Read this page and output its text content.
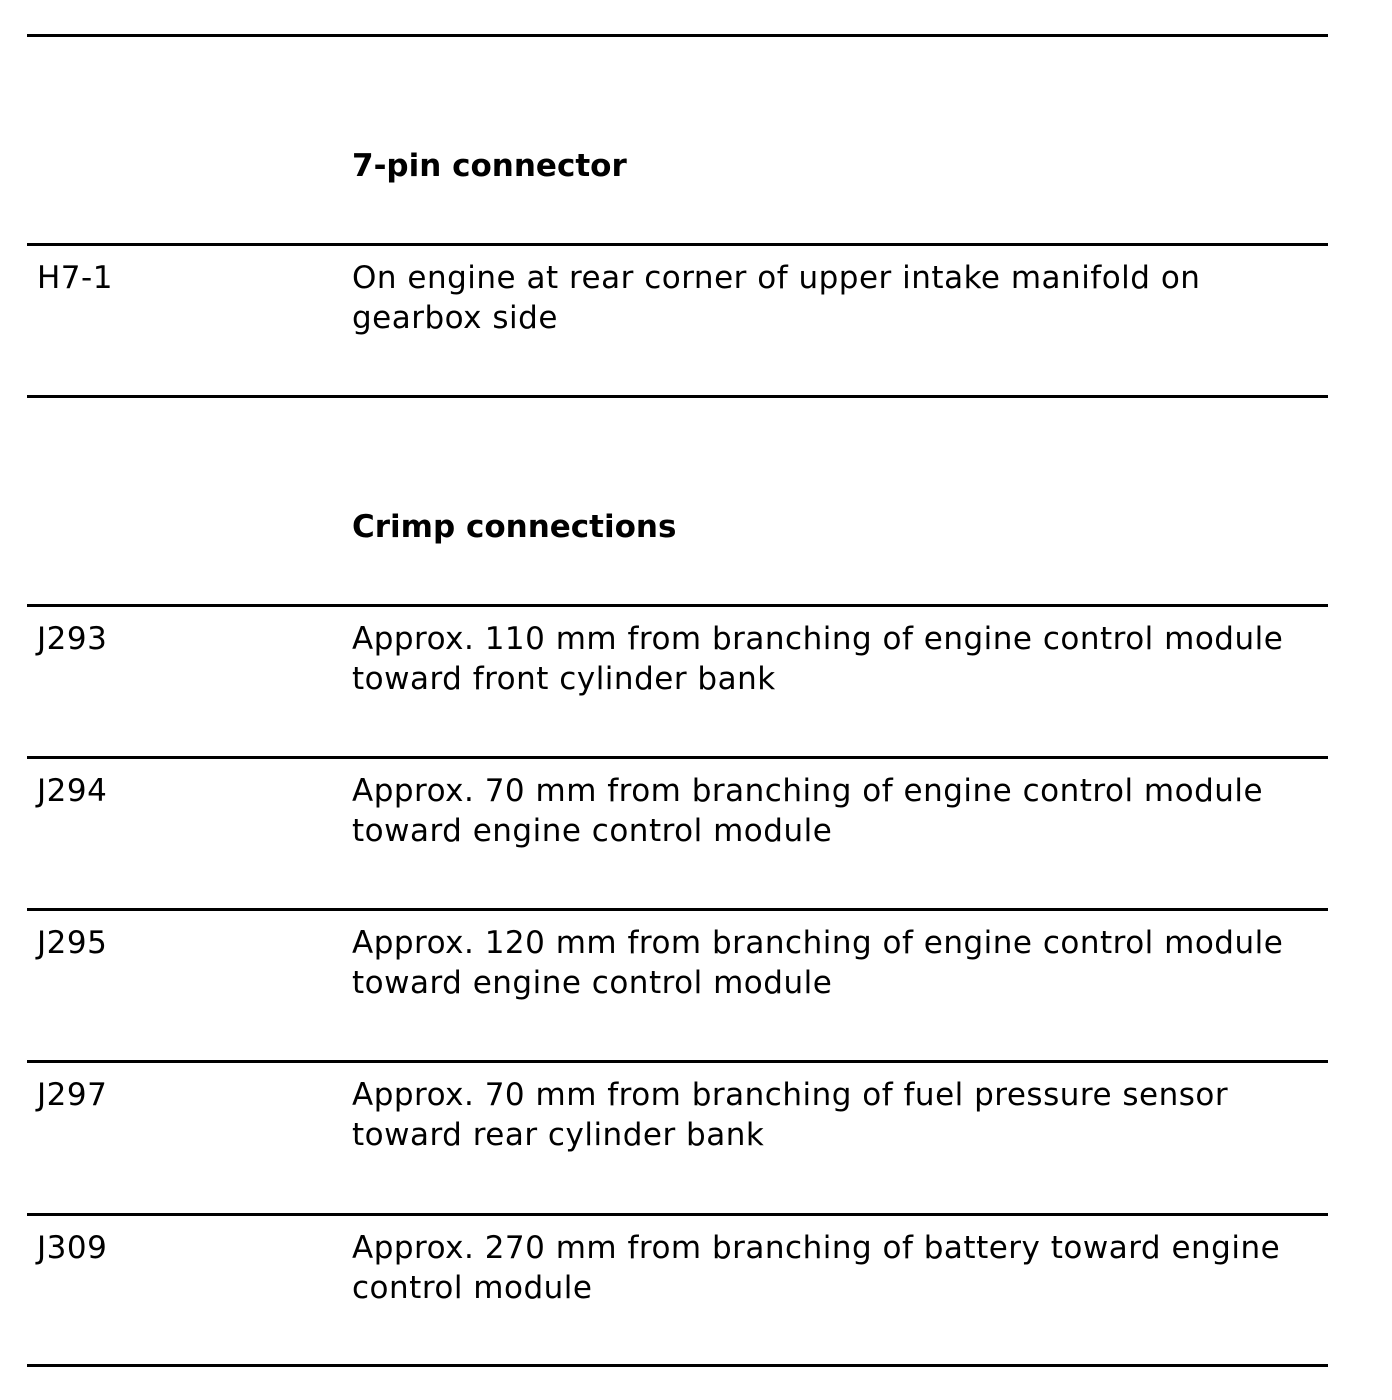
7-pin connector
H7-1	On engine at rear corner of upper intake manifold on gearbox side
Crimp connections
J293	Approx. 110 mm from branching of engine control module toward front cylinder bank
J294	Approx. 70 mm from branching of engine control module toward engine control module
J295	Approx. 120 mm from branching of engine control module toward engine control module
J297	Approx. 70 mm from branching of fuel pressure sensor toward rear cylinder bank
J309	Approx. 270 mm from branching of battery toward engine control module
